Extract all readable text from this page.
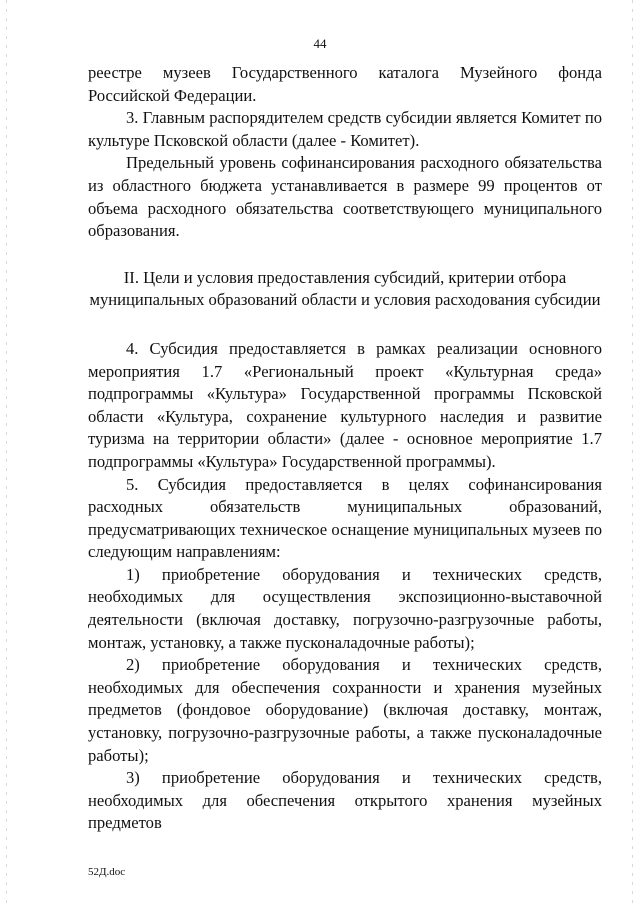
44

реестре музеев Государственного каталога Музейного фонда Российской Федерации.

3. Главным распорядителем средств субсидии является Комитет по культуре Псковской области (далее - Комитет).

Предельный уровень софинансирования расходного обязательства из областного бюджета устанавливается в размере 99 процентов от объема расходного обязательства соответствующего муниципального образования.

II. Цели и условия предоставления субсидий, критерии отбора
муниципальных образований области и условия расходования субсидии

4. Субсидия предоставляется в рамках реализации основного мероприятия 1.7 «Региональный проект «Культурная среда» подпрограммы «Культура» Государственной программы Псковской области «Культура, сохранение культурного наследия и развитие туризма на территории области» (далее - основное мероприятие 1.7 подпрограммы «Культура» Государственной программы).

5. Субсидия предоставляется в целях софинансирования расходных обязательств муниципальных образований, предусматривающих техническое оснащение муниципальных музеев по следующим направлениям:

1) приобретение оборудования и технических средств, необходимых для осуществления экспозиционно-выставочной деятельности (включая доставку, погрузочно-разгрузочные работы, монтаж, установку, а также пусконаладочные работы);

2) приобретение оборудования и технических средств, необходимых для обеспечения сохранности и хранения музейных предметов (фондовое оборудование) (включая доставку, монтаж, установку, погрузочно-разгрузочные работы, а также пусконаладочные работы);

3) приобретение оборудования и технических средств, необходимых для обеспечения открытого хранения музейных предметов

52Д.doc
